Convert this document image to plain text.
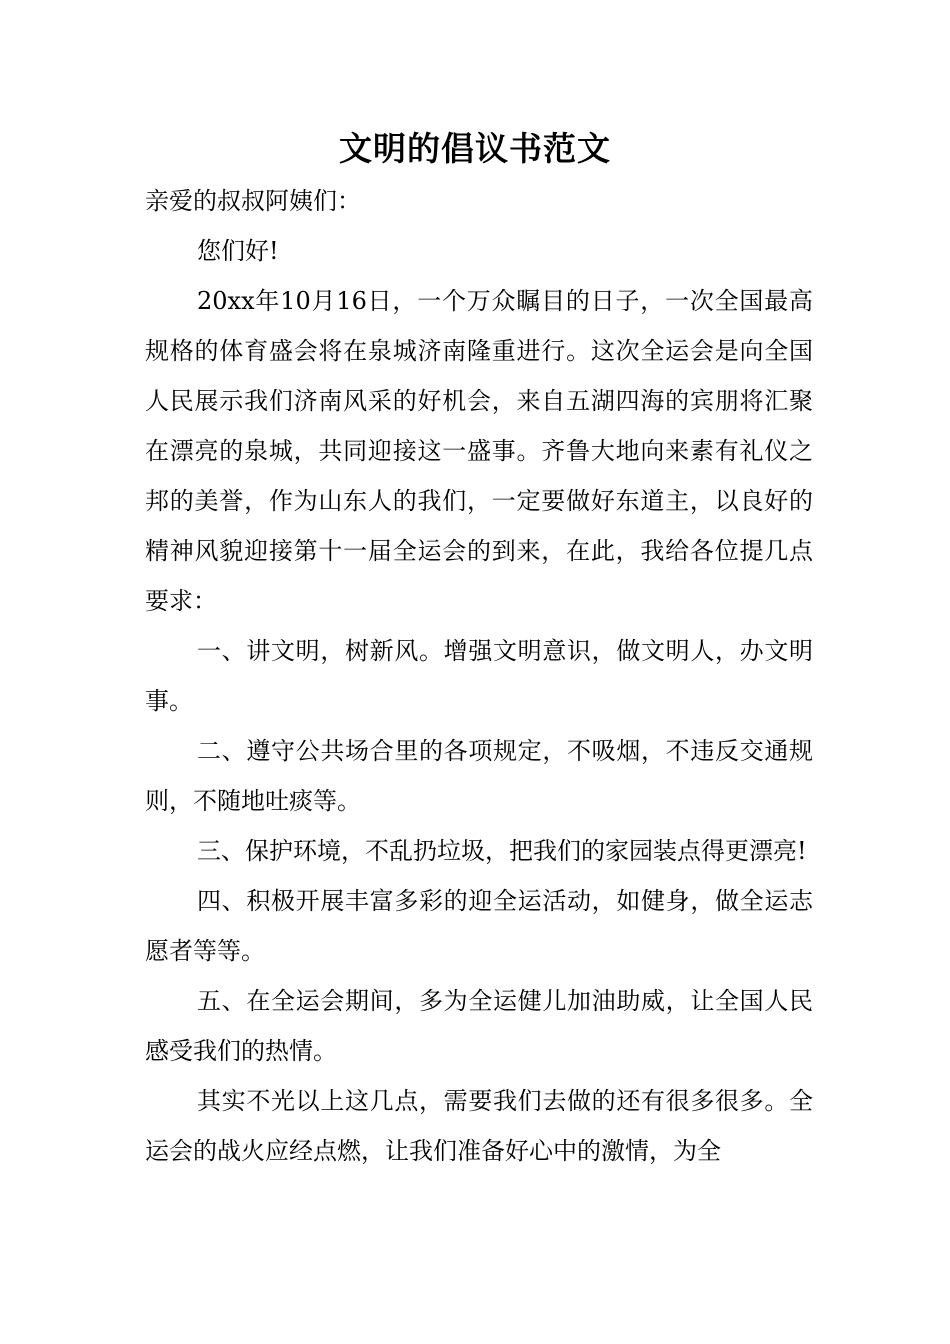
文明的倡议书范文

亲爱的叔叔阿姨们：

您们好!

20xx年10月16日，一个万众瞩目的日子，一次全国最高规格的体育盛会将在泉城济南隆重进行。这次全运会是向全国人民展示我们济南风采的好机会，来自五湖四海的宾朋将汇聚在漂亮的泉城，共同迎接这一盛事。齐鲁大地向来素有礼仪之邦的美誉，作为山东人的我们，一定要做好东道主，以良好的精神风貌迎接第十一届全运会的到来，在此，我给各位提几点要求：

一、讲文明，树新风。增强文明意识，做文明人，办文明事。

二、遵守公共场合里的各项规定，不吸烟，不违反交通规则，不随地吐痰等。

三、保护环境，不乱扔垃圾，把我们的家园装点得更漂亮!

四、积极开展丰富多彩的迎全运活动，如健身，做全运志愿者等等。

五、在全运会期间，多为全运健儿加油助威，让全国人民感受我们的热情。

其实不光以上这几点，需要我们去做的还有很多很多。全运会的战火应经点燃，让我们准备好心中的激情，为全
